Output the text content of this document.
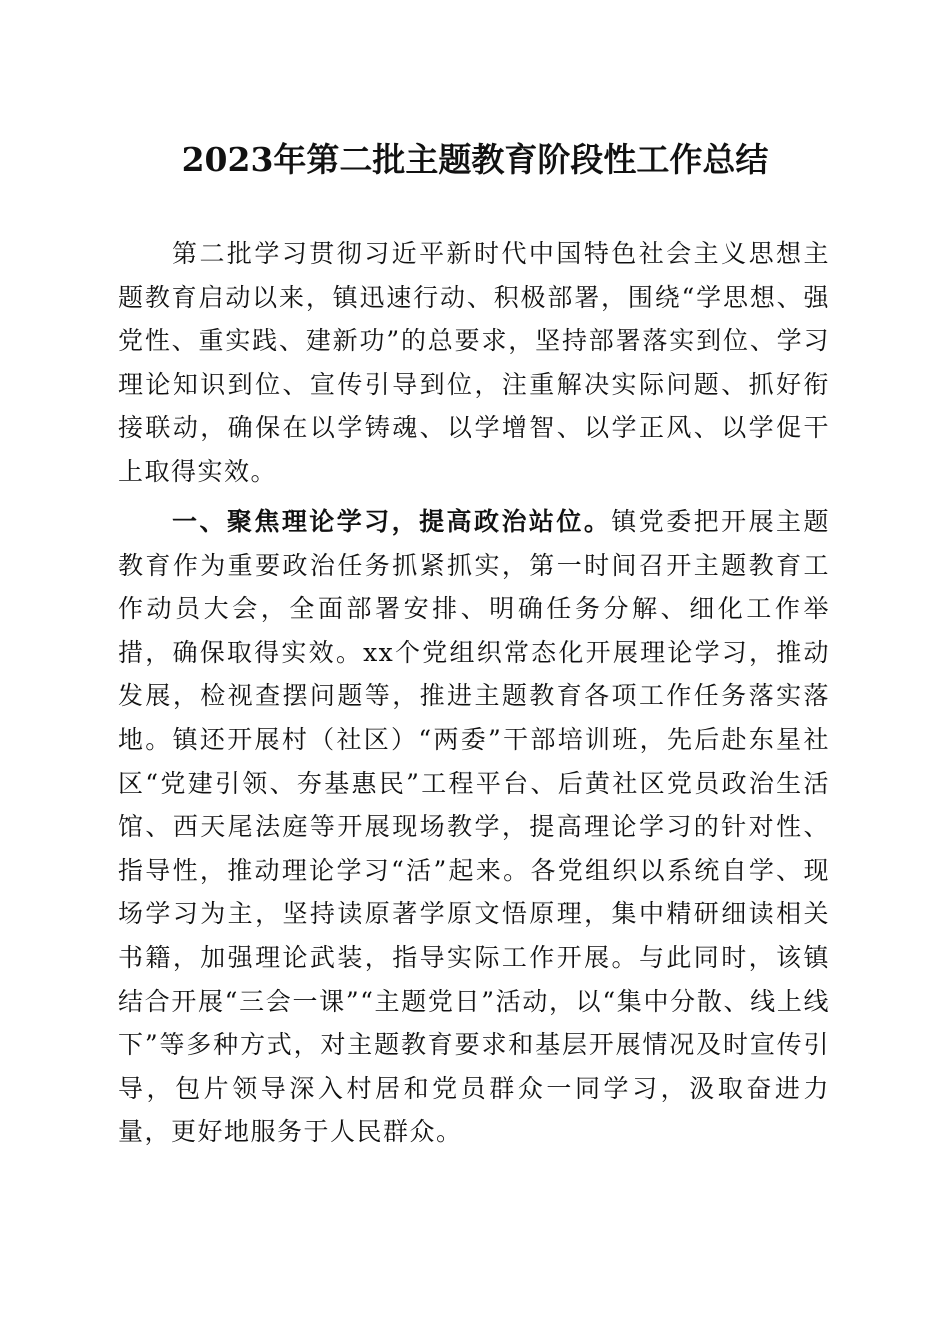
2023年第二批主题教育阶段性工作总结

第二批学习贯彻习近平新时代中国特色社会主义思想主题教育启动以来，镇迅速行动、积极部署，围绕“学思想、强党性、重实践、建新功”的总要求，坚持部署落实到位、学习理论知识到位、宣传引导到位，注重解决实际问题、抓好衔接联动，确保在以学铸魂、以学增智、以学正风、以学促干上取得实效。

一、聚焦理论学习，提高政治站位。镇党委把开展主题教育作为重要政治任务抓紧抓实，第一时间召开主题教育工作动员大会，全面部署安排、明确任务分解、细化工作举措，确保取得实效。xx个党组织常态化开展理论学习，推动发展，检视查摆问题等，推进主题教育各项工作任务落实落地。镇还开展村（社区）“两委”干部培训班，先后赴东星社区“党建引领、夯基惠民”工程平台、后黄社区党员政治生活馆、西天尾法庭等开展现场教学，提高理论学习的针对性、指导性，推动理论学习“活”起来。各党组织以系统自学、现场学习为主，坚持读原著学原文悟原理，集中精研细读相关书籍，加强理论武装，指导实际工作开展。与此同时，该镇结合开展“三会一课”“主题党日”活动，以“集中分散、线上线下”等多种方式，对主题教育要求和基层开展情况及时宣传引导，包片领导深入村居和党员群众一同学习，汲取奋进力量，更好地服务于人民群众。
